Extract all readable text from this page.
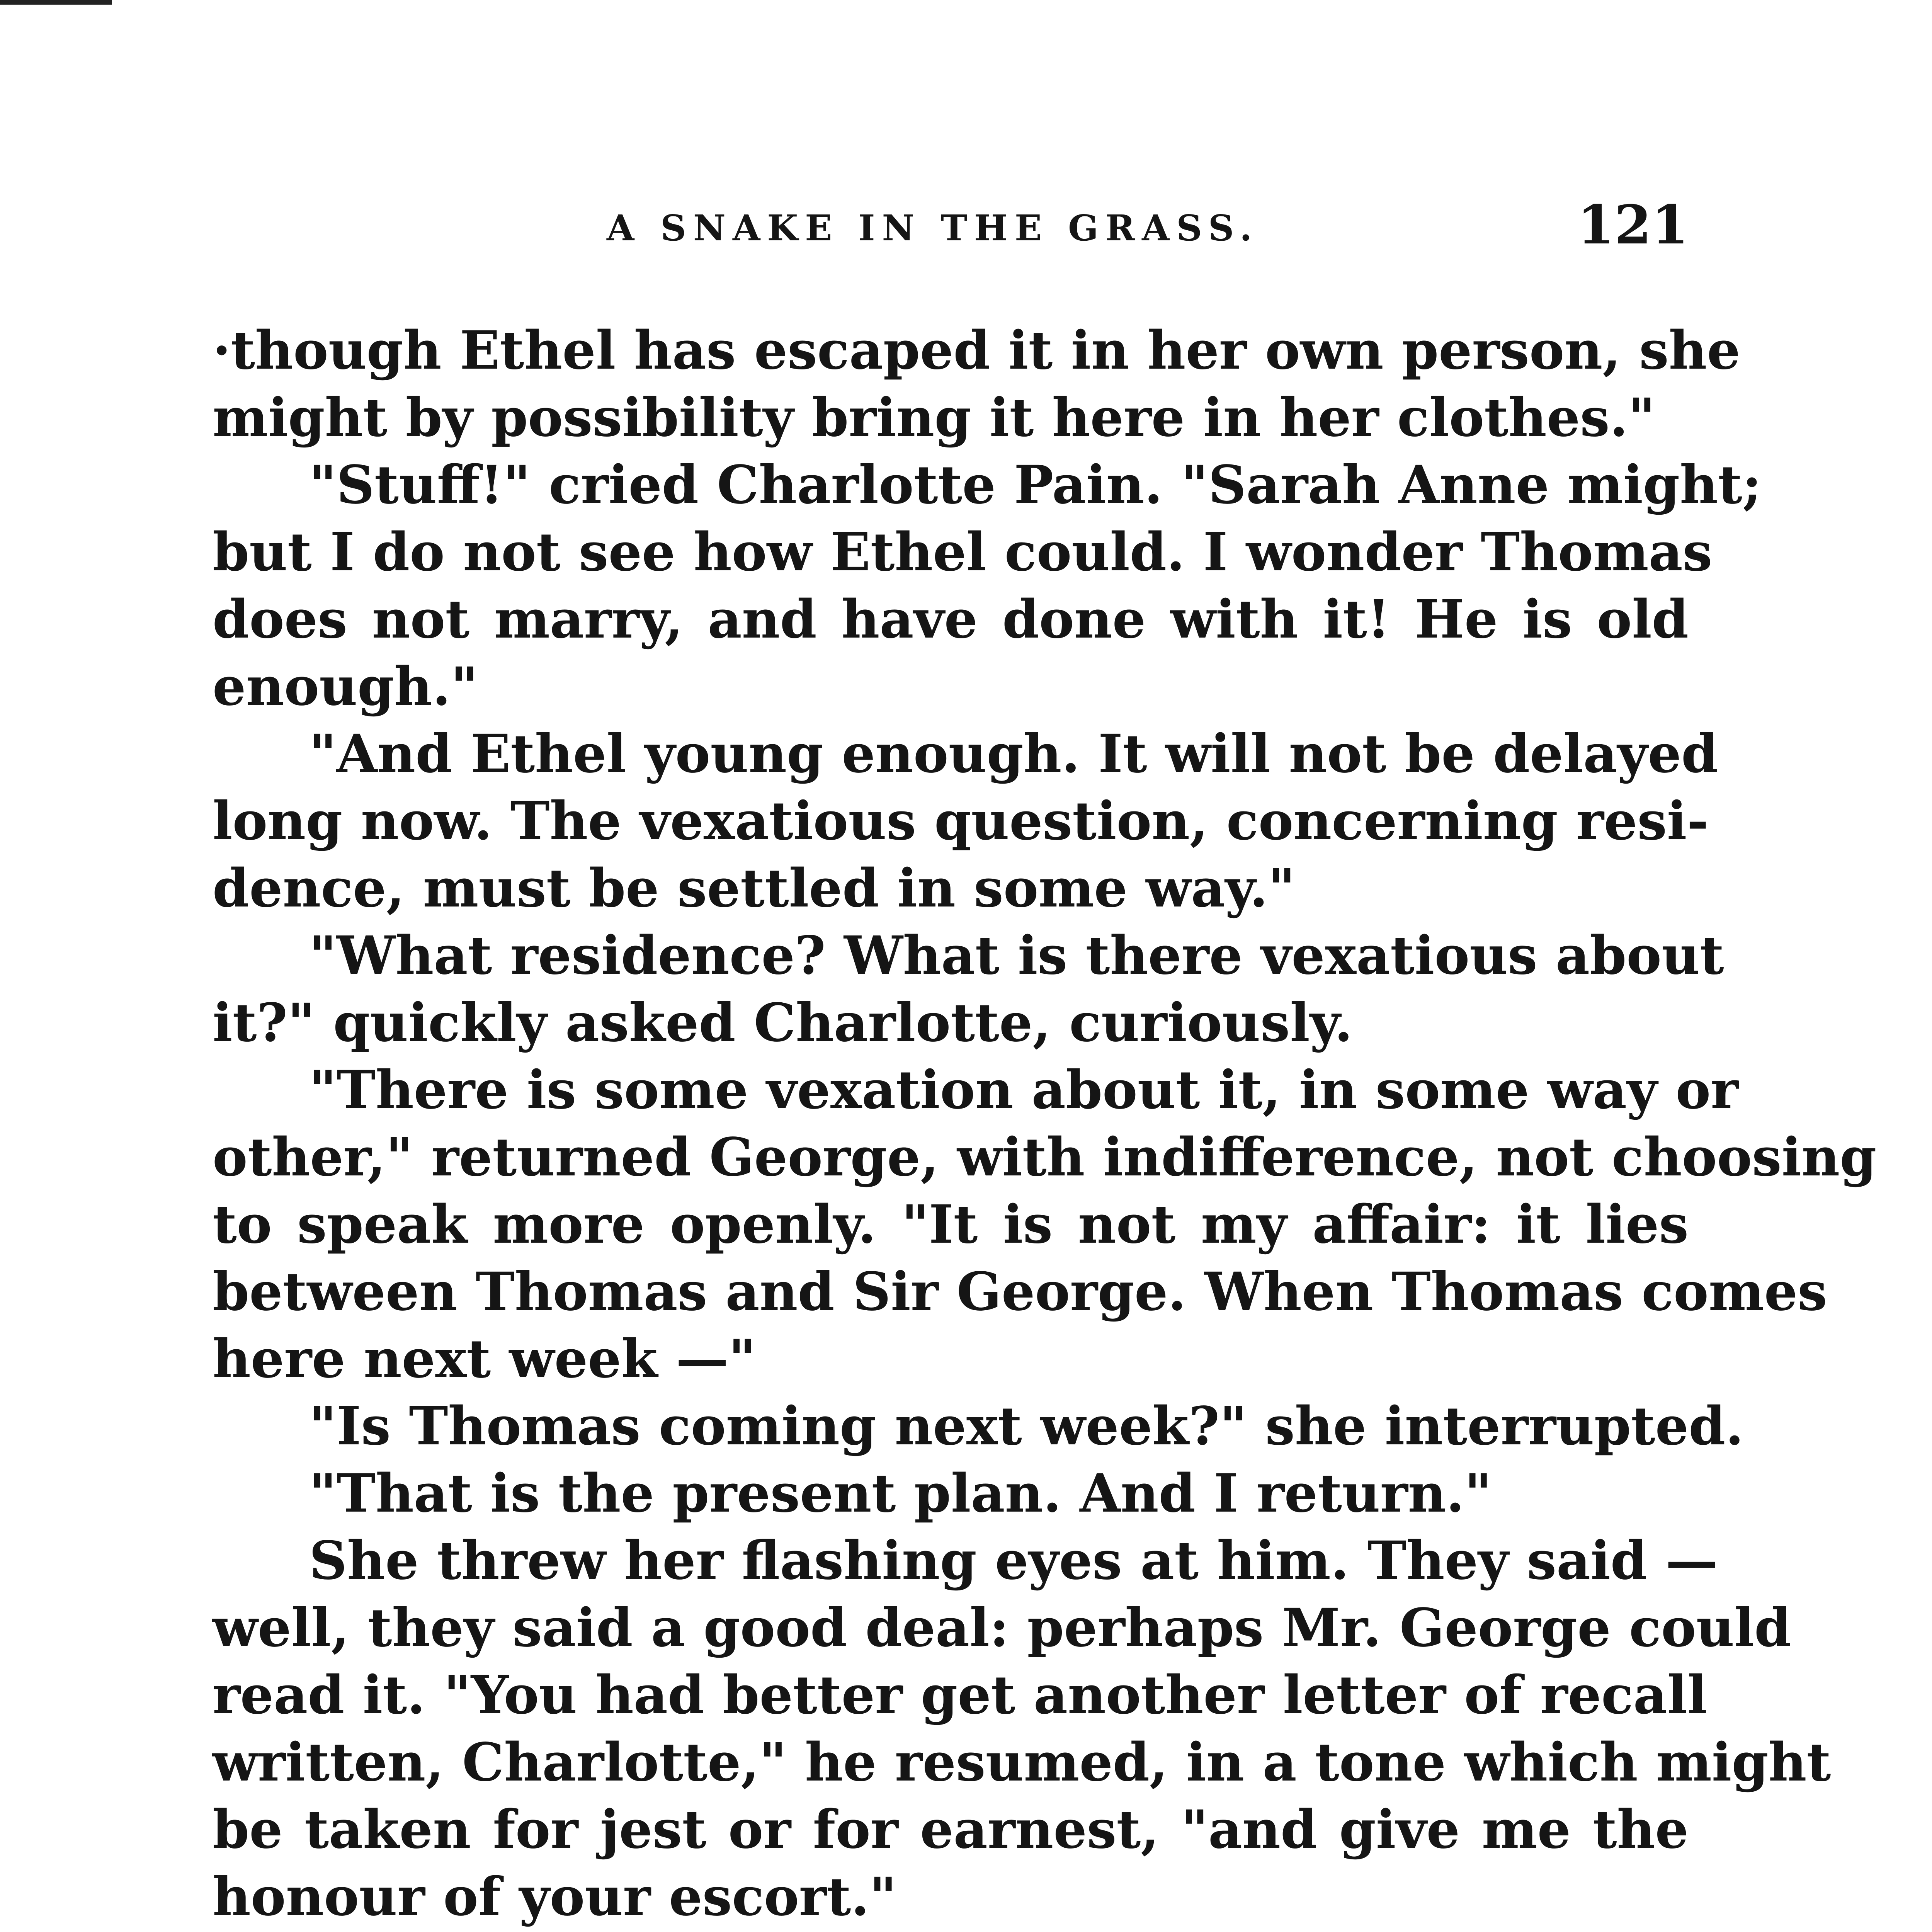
A SNAKE IN THE GRASS.	121
·though Ethel has escaped it in her own person, she
might by possibility bring it here in her clothes."
"Stuff!" cried Charlotte Pain. "Sarah Anne might;
but I do not see how Ethel could. I wonder Thomas
does not marry, and have done with it! He is old
enough."
"And Ethel young enough. It will not be delayed
long now. The vexatious question, concerning resi-
dence, must be settled in some way."
"What residence? What is there vexatious about
it?" quickly asked Charlotte, curiously.
"There is some vexation about it, in some way or
other," returned George, with indifference, not choosing
to speak more openly. "It is not my affair: it lies
between Thomas and Sir George. When Thomas comes
here next week —"
"Is Thomas coming next week?" she interrupted.
"That is the present plan. And I return."
She threw her flashing eyes at him. They said —
well, they said a good deal: perhaps Mr. George could
read it. "You had better get another letter of recall
written, Charlotte," he resumed, in a tone which might
be taken for jest or for earnest, "and give me the
honour of your escort."
